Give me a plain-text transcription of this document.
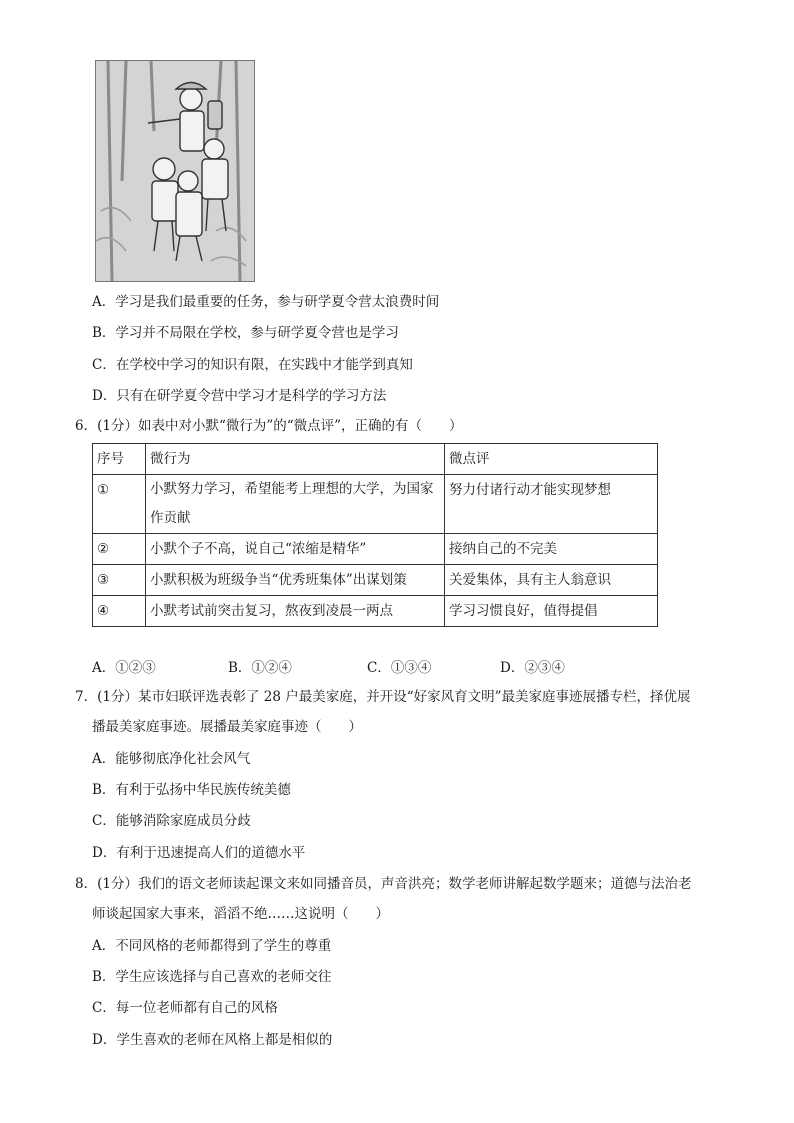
A．学习是我们最重要的任务，参与研学夏令营太浪费时间
B．学习并不局限在学校，参与研学夏令营也是学习
C．在学校中学习的知识有限，在实践中才能学到真知
D．只有在研学夏令营中学习才是科学的学习方法
6．(1分）如表中对小默“微行为”的“微点评”，正确的有（　　）
序号	微行为	微点评
①	小默努力学习，希望能考上理想的大学，为国家作贡献	努力付诸行动才能实现梦想
②	小默个子不高，说自己“浓缩是精华”	接纳自己的不完美
③	小默积极为班级争当“优秀班集体”出谋划策	关爱集体，具有主人翁意识
④	小默考试前突击复习，熬夜到凌晨一两点	学习习惯良好，值得提倡
A．①②③	B．①②④	C．①③④	D．②③④
7．(1分）某市妇联评选表彰了 28 户最美家庭，并开设“好家风育文明”最美家庭事迹展播专栏，择优展
播最美家庭事迹。展播最美家庭事迹（　　）
A．能够彻底净化社会风气
B．有利于弘扬中华民族传统美德
C．能够消除家庭成员分歧
D．有利于迅速提高人们的道德水平
8．(1分）我们的语文老师读起课文来如同播音员，声音洪亮；数学老师讲解起数学题来；道德与法治老
师谈起国家大事来，滔滔不绝……这说明（　　）
A．不同风格的老师都得到了学生的尊重
B．学生应该选择与自己喜欢的老师交往
C．每一位老师都有自己的风格
D．学生喜欢的老师在风格上都是相似的
